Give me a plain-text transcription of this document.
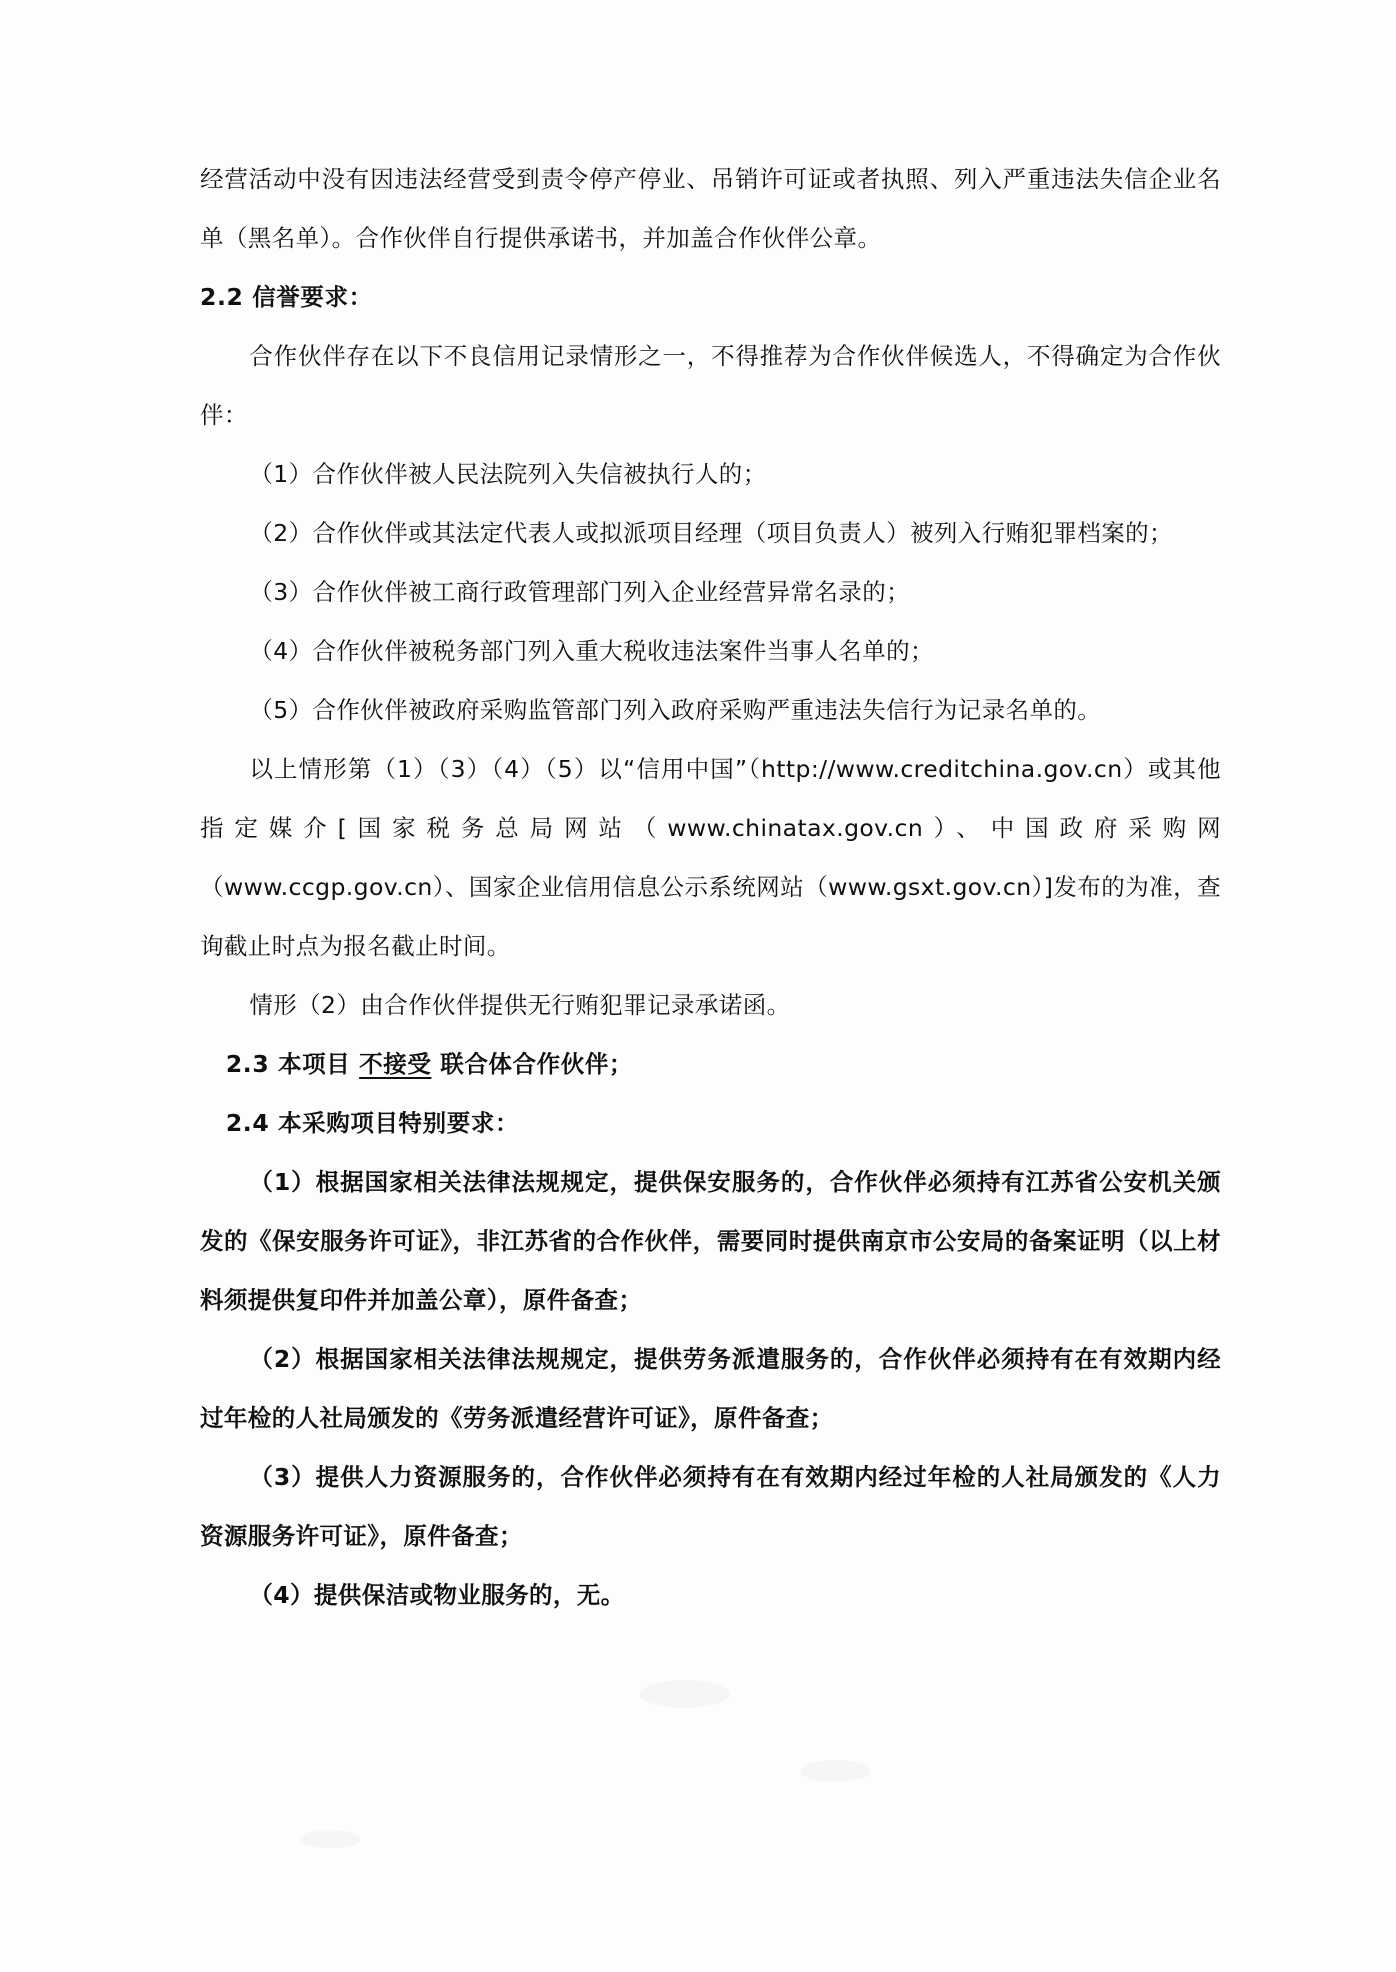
经营活动中没有因违法经营受到责令停产停业、吊销许可证或者执照、列入严重违法失信企业名单（黑名单）。合作伙伴自行提供承诺书，并加盖合作伙伴公章。

2.2 信誉要求：

合作伙伴存在以下不良信用记录情形之一，不得推荐为合作伙伴候选人，不得确定为合作伙伴：

（1）合作伙伴被人民法院列入失信被执行人的；

（2）合作伙伴或其法定代表人或拟派项目经理（项目负责人）被列入行贿犯罪档案的；

（3）合作伙伴被工商行政管理部门列入企业经营异常名录的；

（4）合作伙伴被税务部门列入重大税收违法案件当事人名单的；

（5）合作伙伴被政府采购监管部门列入政府采购严重违法失信行为记录名单的。

以上情形第（1）（3）（4）（5）以“信用中国”（http://www.creditchina.gov.cn）或其他指定媒介[国家税务总局网站（www.chinatax.gov.cn）、中国政府采购网（www.ccgp.gov.cn）、国家企业信用信息公示系统网站（www.gsxt.gov.cn）]发布的为准，查询截止时点为报名截止时间。

情形（2）由合作伙伴提供无行贿犯罪记录承诺函。

2.3 本项目 不接受 联合体合作伙伴；

2.4 本采购项目特别要求：

（1）根据国家相关法律法规规定，提供保安服务的，合作伙伴必须持有江苏省公安机关颁发的《保安服务许可证》，非江苏省的合作伙伴，需要同时提供南京市公安局的备案证明（以上材料须提供复印件并加盖公章），原件备查；

（2）根据国家相关法律法规规定，提供劳务派遣服务的，合作伙伴必须持有在有效期内经过年检的人社局颁发的《劳务派遣经营许可证》，原件备查；

（3）提供人力资源服务的，合作伙伴必须持有在有效期内经过年检的人社局颁发的《人力资源服务许可证》，原件备查；

（4）提供保洁或物业服务的，无。
